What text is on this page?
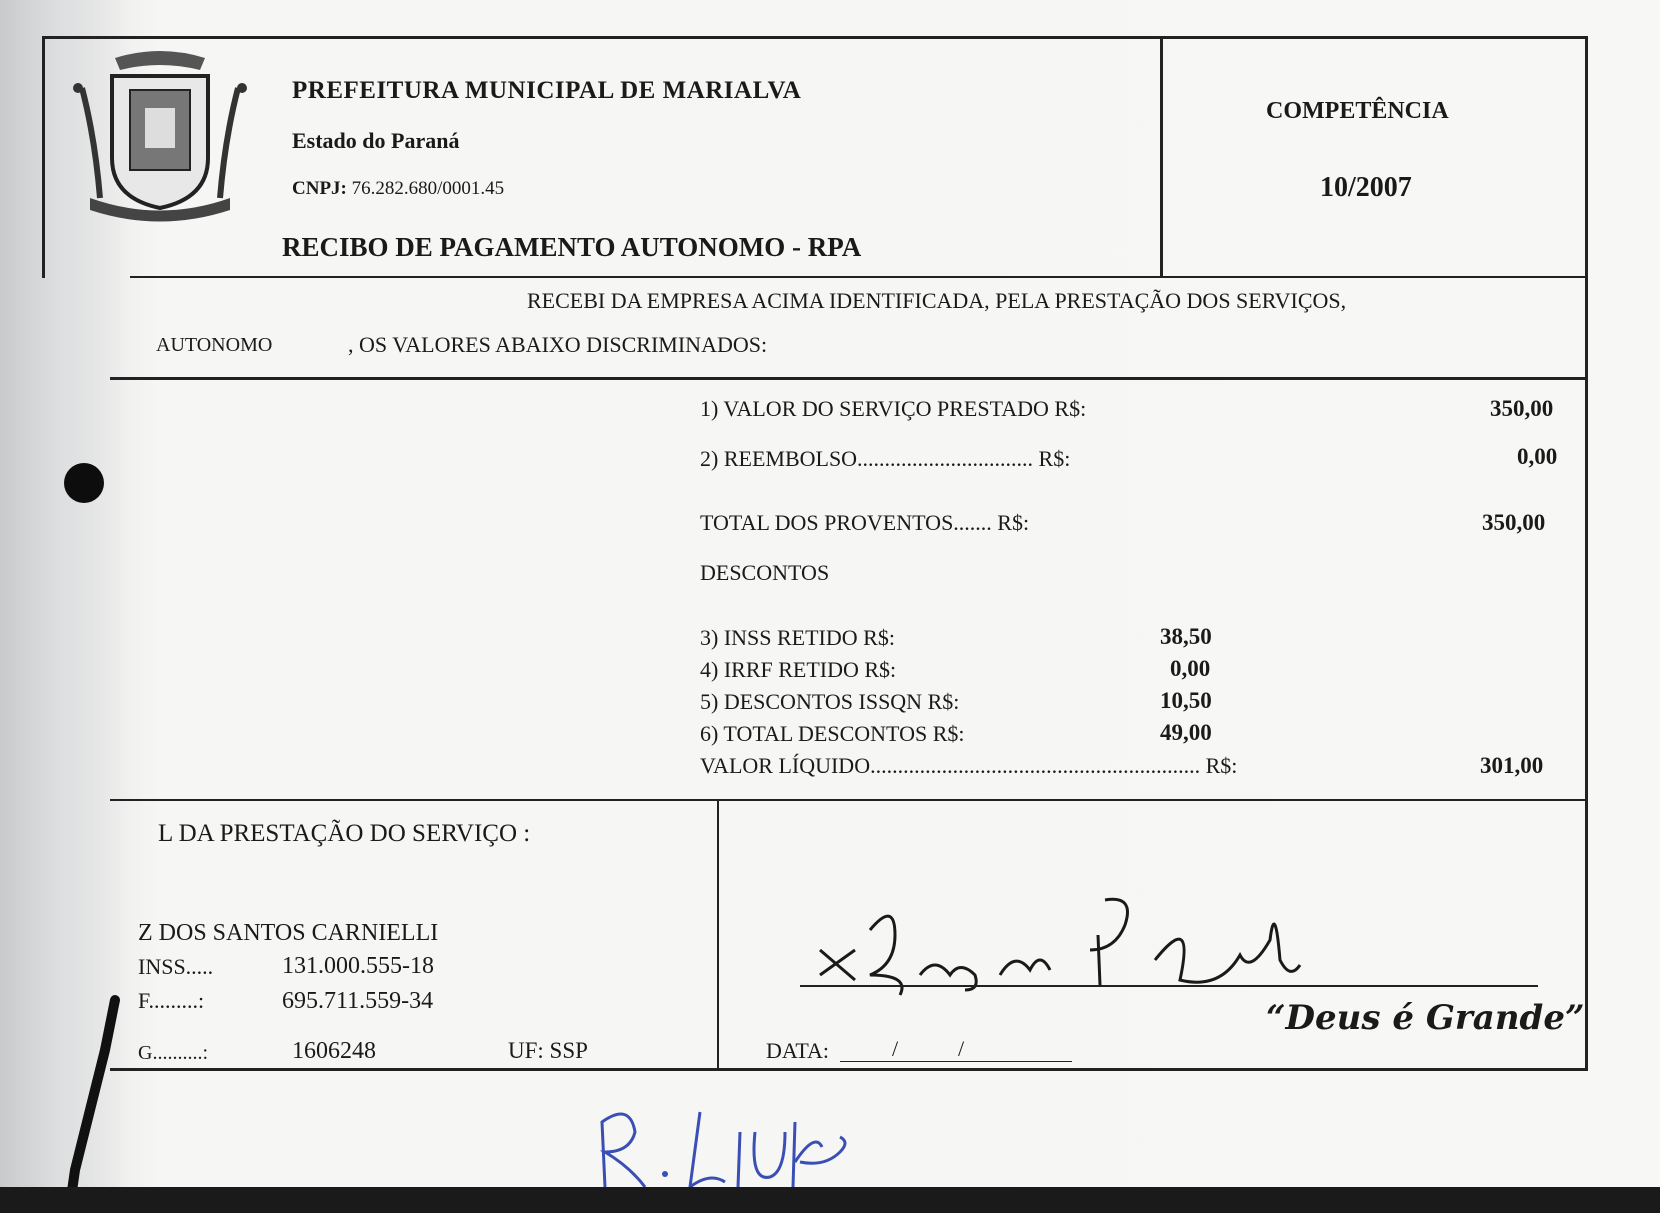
PREFEITURA MUNICIPAL DE MARIALVA
Estado do Paraná
CNPJ: 76.282.680/0001.45
RECIBO DE PAGAMENTO AUTONOMO - RPA
COMPETÊNCIA
10/2007
RECEBI DA EMPRESA ACIMA IDENTIFICADA, PELA PRESTAÇÃO DOS SERVIÇOS,
AUTONOMO	, OS VALORES ABAIXO DISCRIMINADOS:
1) VALOR DO SERVIÇO PRESTADO R$:	350,00
2) REEMBOLSO................................ R$:	0,00
TOTAL DOS PROVENTOS....... R$:	350,00
DESCONTOS
3) INSS RETIDO R$:	38,50
4) IRRF RETIDO R$:	0,00
5) DESCONTOS ISSQN R$:	10,50
6) TOTAL DESCONTOS R$:	49,00
VALOR LÍQUIDO............................................................ R$:	301,00
L DA PRESTAÇÃO DO SERVIÇO :
Z DOS SANTOS CARNIELLI
INSS.....	131.000.555-18
F.........:	695.711.559-34
G..........:	1606248	UF: SSP
“Deus é Grande”
DATA:	/	/
